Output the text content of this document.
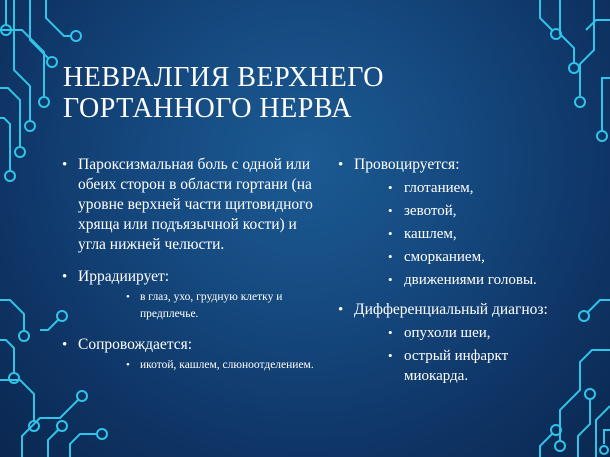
НЕВРАЛГИЯ ВЕРХНЕГО
ГОРТАННОГО НЕРВА
• Пароксизмальная боль с одной или обеих сторон в области гортани (на уровне верхней части щитовидного хряща или подъязычной кости) и угла нижней челюсти.
• Иррадиирует:
• в глаз, ухо, грудную клетку и предплечье.
• Сопровождается:
• икотой, кашлем, слюноотделением.
• Провоцируется:
• глотанием,
• зевотой,
• кашлем,
• сморканием,
• движениями головы.
• Дифференциальный диагноз:
• опухоли шеи,
• острый инфаркт миокарда.
